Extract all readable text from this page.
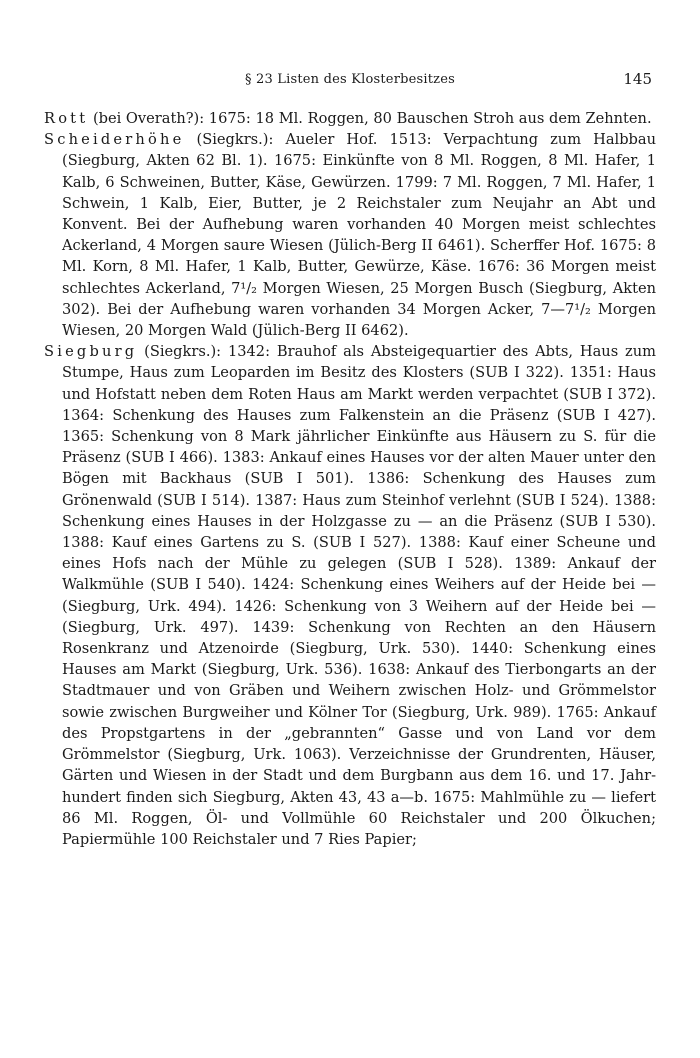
§ 23 Listen des Klosterbesitzes	145

Rott (bei Overath?): 1675: 18 Ml. Roggen, 80 Bauschen Stroh aus dem Zehnten.

Scheiderhöhe (Siegkrs.): Aueler Hof. 1513: Verpachtung zum Halbbau (Siegburg, Akten 62 Bl. 1). 1675: Einkünfte von 8 Ml. Roggen, 8 Ml. Hafer, 1 Kalb, 6 Schweinen, Butter, Käse, Gewürzen. 1799: 7 Ml. Roggen, 7 Ml. Hafer, 1 Schwein, 1 Kalb, Eier, Butter, je 2 Reichstaler zum Neujahr an Abt und Konvent. Bei der Aufhebung waren vorhanden 40 Morgen meist schlechtes Ackerland, 4 Morgen saure Wiesen (Jülich-Berg II 6461). Scherffer Hof. 1675: 8 Ml. Korn, 8 Ml. Hafer, 1 Kalb, Butter, Gewürze, Käse. 1676: 36 Morgen meist schlechtes Ackerland, 7¹/₂ Morgen Wiesen, 25 Morgen Busch (Siegburg, Akten 302). Bei der Aufhebung waren vorhanden 34 Morgen Acker, 7—7¹/₂ Morgen Wiesen, 20 Morgen Wald (Jülich-Berg II 6462).

Siegburg (Siegkrs.): 1342: Brauhof als Absteigequartier des Abts, Haus zum Stumpe, Haus zum Leoparden im Besitz des Klosters (SUB I 322). 1351: Haus und Hofstatt neben dem Roten Haus am Markt werden verpachtet (SUB I 372). 1364: Schenkung des Hauses zum Falkenstein an die Präsenz (SUB I 427). 1365: Schenkung von 8 Mark jährlicher Einkünfte aus Häusern zu S. für die Präsenz (SUB I 466). 1383: Ankauf eines Hauses vor der alten Mauer unter den Bögen mit Backhaus (SUB I 501). 1386: Schenkung des Hauses zum Grönenwald (SUB I 514). 1387: Haus zum Steinhof verlehnt (SUB I 524). 1388: Schenkung eines Hauses in der Holzgasse zu — an die Präsenz (SUB I 530). 1388: Kauf eines Gartens zu S. (SUB I 527). 1388: Kauf einer Scheune und eines Hofs nach der Mühle zu gelegen (SUB I 528). 1389: Ankauf der Walkmühle (SUB I 540). 1424: Schenkung eines Weihers auf der Heide bei — (Siegburg, Urk. 494). 1426: Schenkung von 3 Weihern auf der Heide bei — (Siegburg, Urk. 497). 1439: Schenkung von Rechten an den Häusern Rosenkranz und Atzenoirde (Siegburg, Urk. 530). 1440: Schenkung eines Hauses am Markt (Siegburg, Urk. 536). 1638: Ankauf des Tierbongarts an der Stadtmauer und von Gräben und Weihern zwischen Holz- und Grömmelstor sowie zwischen Burgweiher und Kölner Tor (Siegburg, Urk. 989). 1765: Ankauf des Propstgartens in der „gebrannten“ Gasse und von Land vor dem Grömmelstor (Siegburg, Urk. 1063). Verzeichnisse der Grundrenten, Häuser, Gärten und Wiesen in der Stadt und dem Burgbann aus dem 16. und 17. Jahrhundert finden sich Siegburg, Akten 43, 43 a—b. 1675: Mahlmühle zu — liefert 86 Ml. Roggen, Öl- und Vollmühle 60 Reichstaler und 200 Ölkuchen; Papiermühle 100 Reichstaler und 7 Ries Papier;
